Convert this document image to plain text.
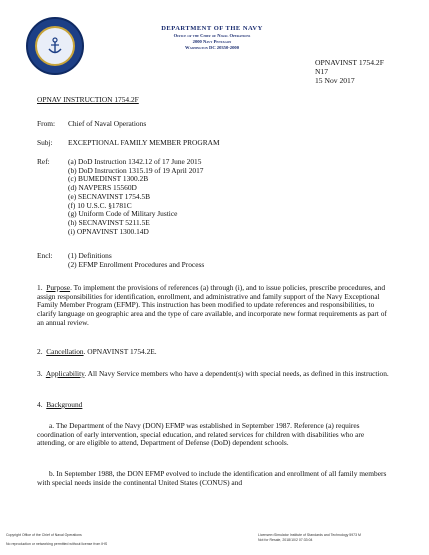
DEPARTMENT OF THE NAVY
Office of the Chief of Naval Operations
2000 Navy Pentagon
Washington DC 20350-2000
OPNAVINST 1754.2F
N17
15 Nov 2017
OPNAV INSTRUCTION 1754.2F
From: Chief of Naval Operations
Subj: EXCEPTIONAL FAMILY MEMBER PROGRAM
Ref: (a) DoD Instruction 1342.12 of 17 June 2015
(b) DoD Instruction 1315.19 of 19 April 2017
(c) BUMEDINST 1300.2B
(d) NAVPERS 15560D
(e) SECNAVINST 1754.5B
(f) 10 U.S.C. §1781C
(g) Uniform Code of Military Justice
(h) SECNAVINST 5211.5E
(i) OPNAVINST 1300.14D
Encl: (1) Definitions
(2) EFMP Enrollment Procedures and Process
1. Purpose. To implement the provisions of references (a) through (i), and to issue policies, prescribe procedures, and assign responsibilities for identification, enrollment, and administrative and family support of the Navy Exceptional Family Member Program (EFMP). This instruction has been modified to update references and responsibilities, to clarify language on geographic area and the type of care available, and incorporate new format requirements as part of an annual review.
2. Cancellation. OPNAVINST 1754.2E.
3. Applicability. All Navy Service members who have a dependent(s) with special needs, as defined in this instruction.
4. Background
a. The Department of the Navy (DON) EFMP was established in September 1987. Reference (a) requires coordination of early intervention, special education, and related services for children with disabilities who are attending, or are eligible to attend, Department of Defense (DoD) dependent schools.
b. In September 1988, the DON EFMP evolved to include the identification and enrollment of all family members with special needs inside the continental United States (CONUS) and
Copyright Office of the Chief of Naval Operations
No reproduction or networking permitted without license from IHS
Licensee=Simulator Institute of Standards and Technology 5973 M
Not for Resale, 2018/10/2 07:33:04
